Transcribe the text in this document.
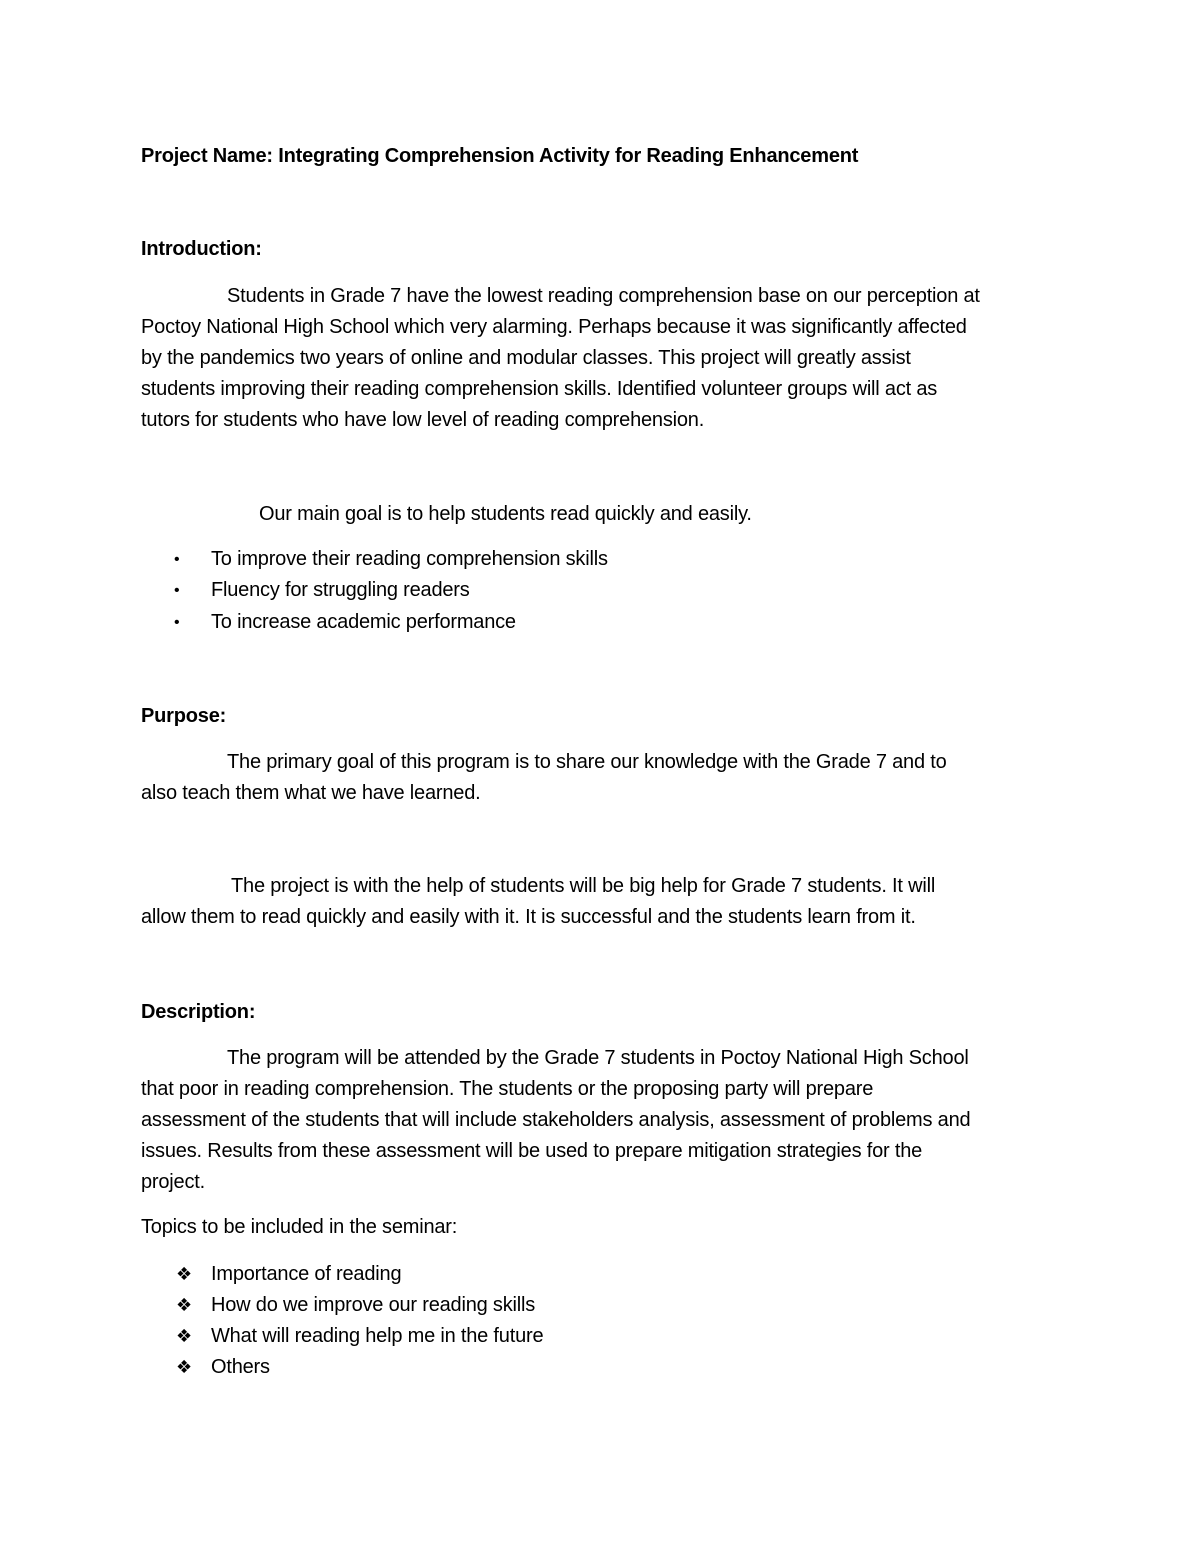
Project Name: Integrating Comprehension Activity for Reading Enhancement
Introduction:
Students in Grade 7 have the lowest reading comprehension base on our perception at
Poctoy National High School which very alarming. Perhaps because it was significantly affected
by the pandemics two years of online and modular classes. This project will greatly assist
students improving their reading comprehension skills. Identified volunteer groups will act as
tutors for students who have low level of reading comprehension.
Our main goal is to help students read quickly and easily.
• To improve their reading comprehension skills
• Fluency for struggling readers
• To increase academic performance
Purpose:
The primary goal of this program is to share our knowledge with the Grade 7 and to
also teach them what we have learned.
The project is with the help of students will be big help for Grade 7 students. It will
allow them to read quickly and easily with it. It is successful and the students learn from it.
Description:
The program will be attended by the Grade 7 students in Poctoy National High School
that poor in reading comprehension. The students or the proposing party will prepare
assessment of the students that will include stakeholders analysis, assessment of problems and
issues. Results from these assessment will be used to prepare mitigation strategies for the
project.
Topics to be included in the seminar:
❖ Importance of reading
❖ How do we improve our reading skills
❖ What will reading help me in the future
❖ Others
